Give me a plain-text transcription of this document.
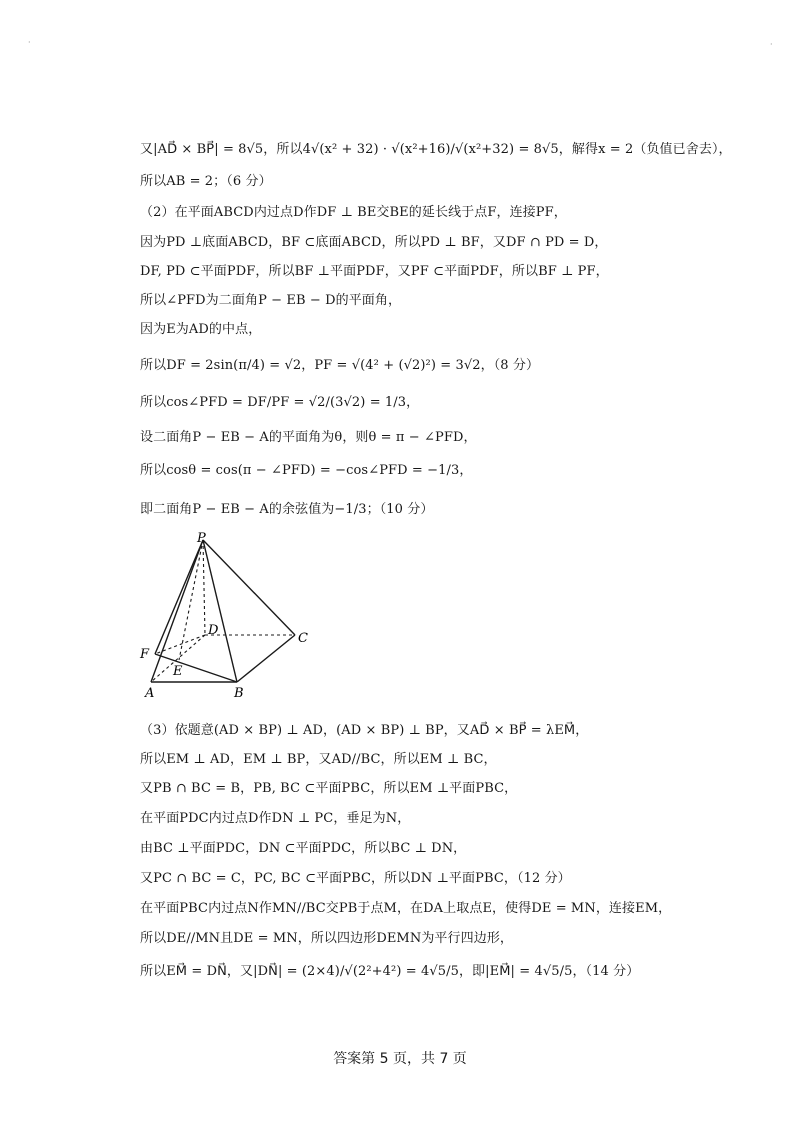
·	·
又|AD⃗ × BP⃗| = 8√5，所以4√(x² + 32) · √(x²+16)/√(x²+32) = 8√5，解得x = 2（负值已舍去），
所以AB = 2；（6 分）
（2）在平面ABCD内过点D作DF ⊥ BE交BE的延长线于点F，连接PF，
因为PD ⊥底面ABCD，BF ⊂底面ABCD，所以PD ⊥ BF，又DF ∩ PD = D，
DF, PD ⊂平面PDF，所以BF ⊥平面PDF，又PF ⊂平面PDF，所以BF ⊥ PF，
所以∠PFD为二面角P − EB − D的平面角，
因为E为AD的中点，
所以DF = 2sin(π/4) = √2，PF = √(4² + (√2)²) = 3√2，（8 分）
所以cos∠PFD = DF/PF = √2/(3√2) = 1/3，
设二面角P − EB − A的平面角为θ，则θ = π − ∠PFD，
所以cosθ = cos(π − ∠PFD) = −cos∠PFD = −1/3，
即二面角P − EB − A的余弦值为−1/3；（10 分）
P
D
C
F
E
A	B
（3）依题意(AD × BP) ⊥ AD，(AD × BP) ⊥ BP，又AD⃗ × BP⃗ = λEM⃗，
所以EM ⊥ AD，EM ⊥ BP，又AD//BC，所以EM ⊥ BC，
又PB ∩ BC = B，PB, BC ⊂平面PBC，所以EM ⊥平面PBC，
在平面PDC内过点D作DN ⊥ PC，垂足为N，
由BC ⊥平面PDC，DN ⊂平面PDC，所以BC ⊥ DN，
又PC ∩ BC = C，PC, BC ⊂平面PBC，所以DN ⊥平面PBC，（12 分）
在平面PBC内过点N作MN//BC交PB于点M，在DA上取点E，使得DE = MN，连接EM，
所以DE//MN且DE = MN，所以四边形DEMN为平行四边形，
所以EM⃗ = DN⃗，又|DN⃗| = (2×4)/√(2²+4²) = 4√5/5，即|EM⃗| = 4√5/5，（14 分）
答案第 5 页，共 7 页
